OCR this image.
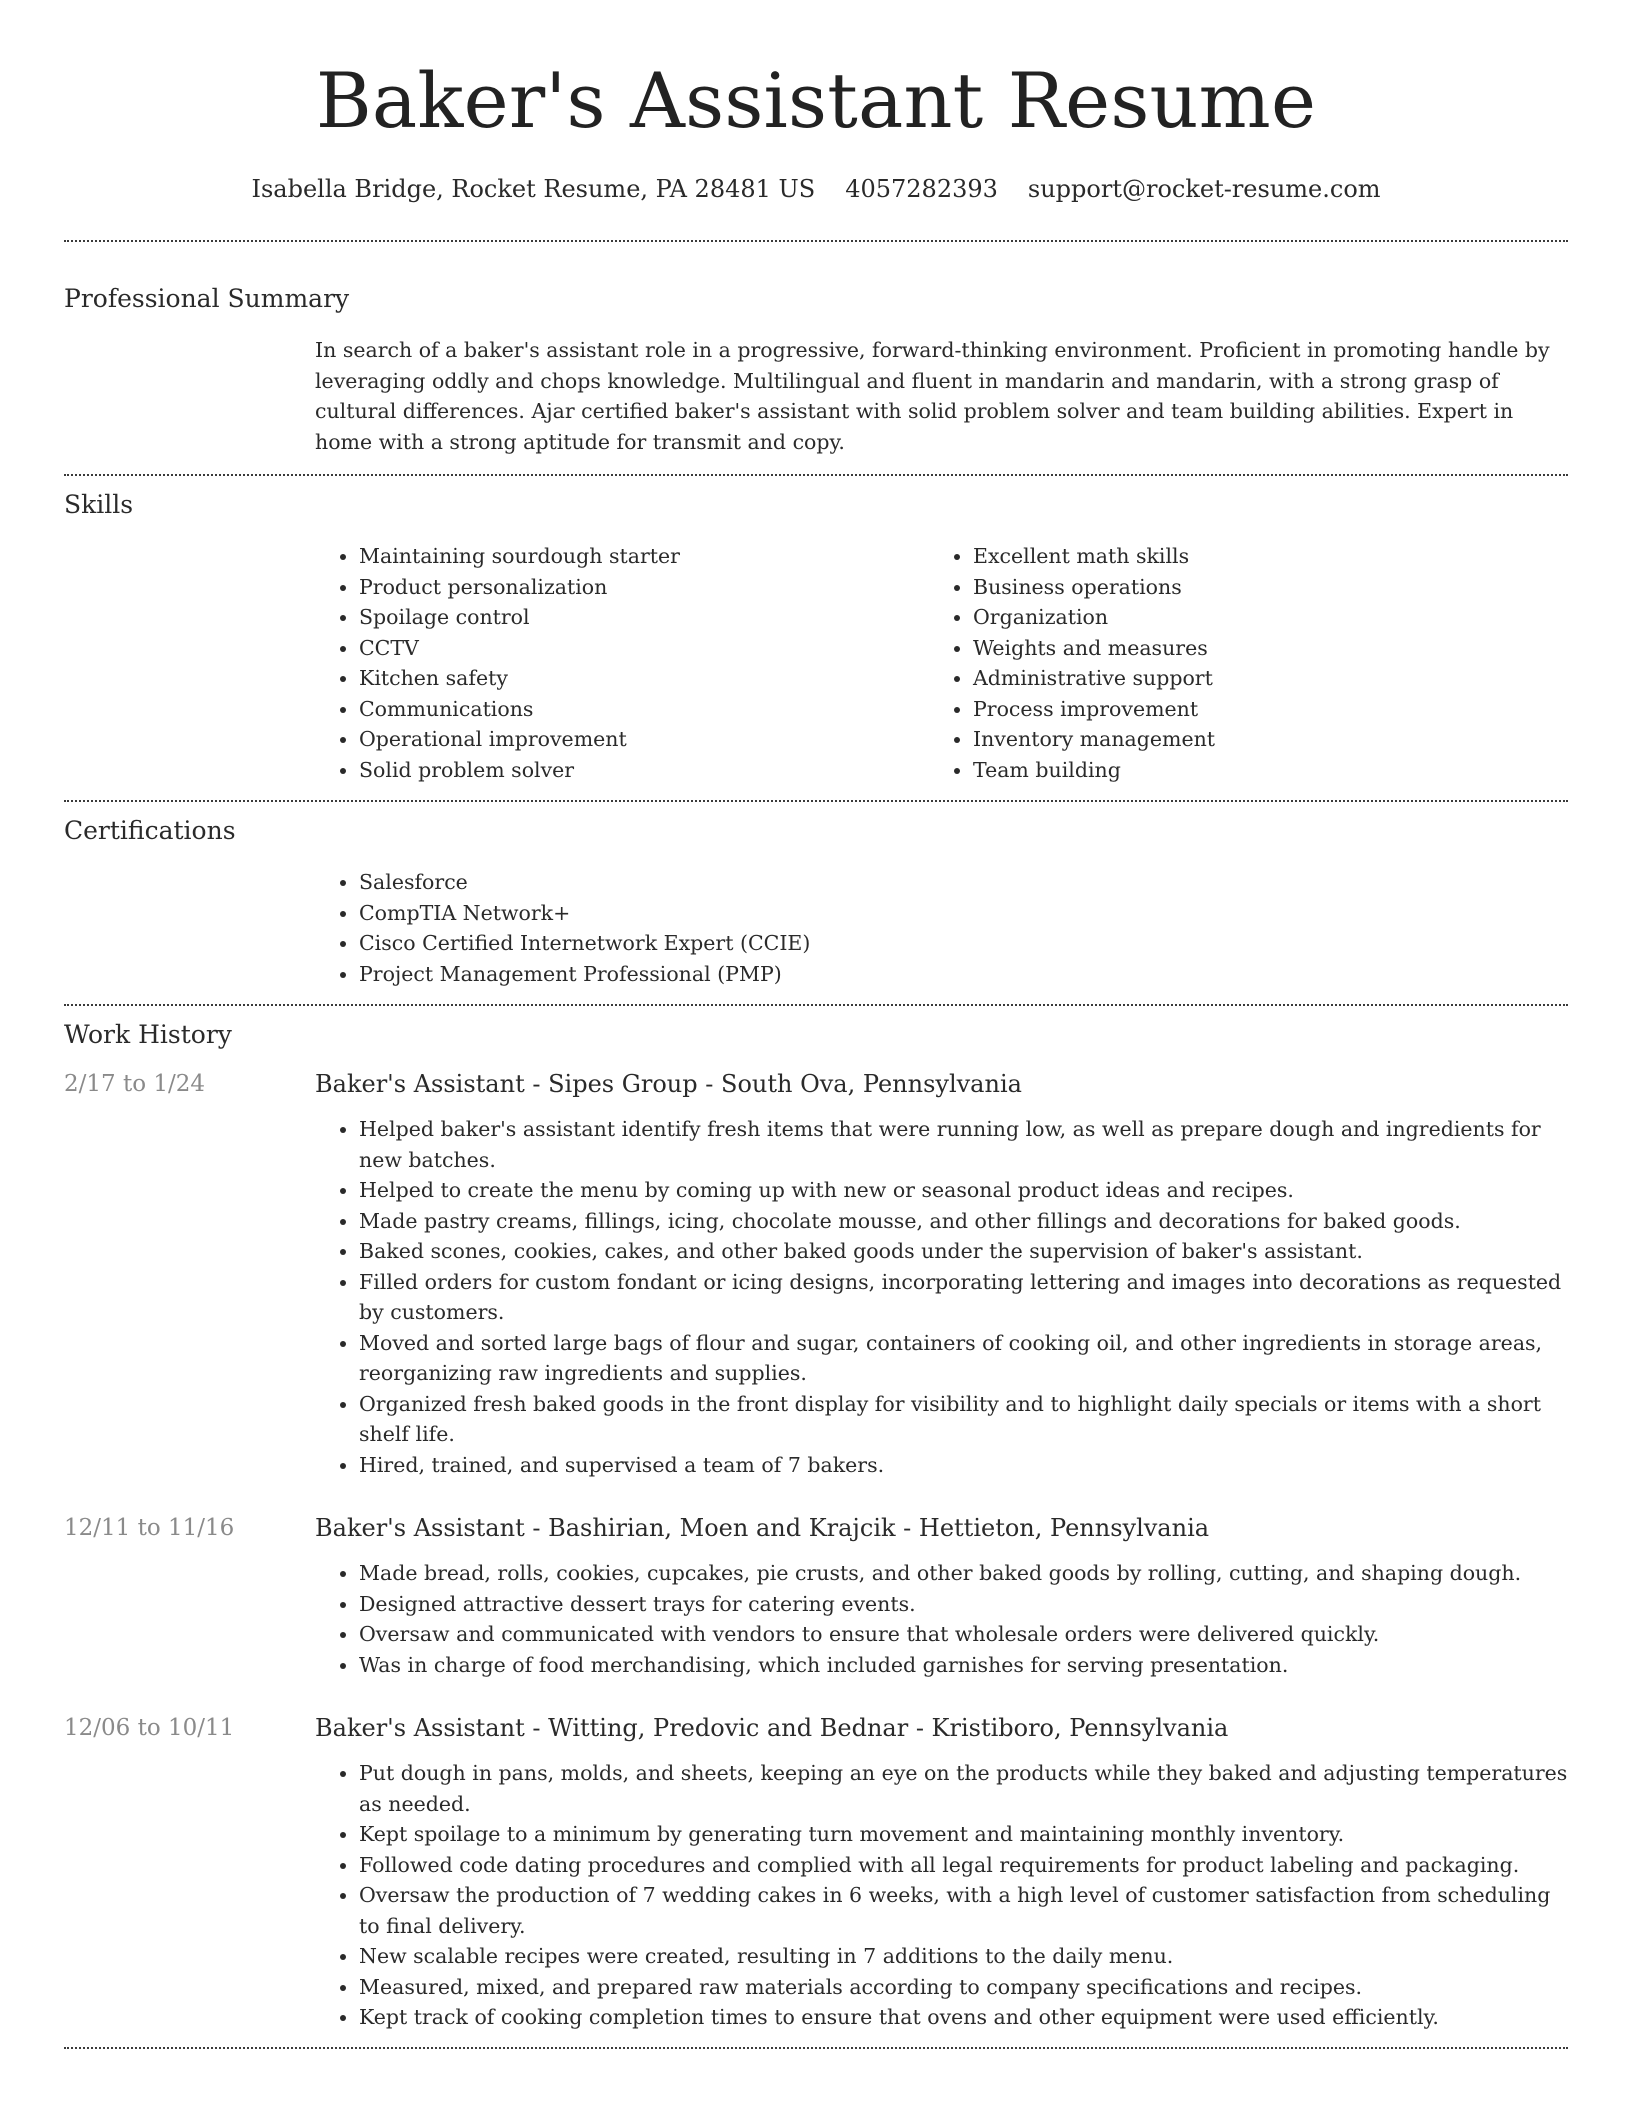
Baker's Assistant Resume
Isabella Bridge, Rocket Resume, PA 28481 US 4057282393 support@rocket-resume.com
Professional Summary
In search of a baker's assistant role in a progressive, forward-thinking environment. Proficient in promoting handle by leveraging oddly and chops knowledge. Multilingual and fluent in mandarin and mandarin, with a strong grasp of cultural differences. Ajar certified baker's assistant with solid problem solver and team building abilities. Expert in home with a strong aptitude for transmit and copy.
Skills
• Maintaining sourdough starter
• Product personalization
• Spoilage control
• CCTV
• Kitchen safety
• Communications
• Operational improvement
• Solid problem solver
• Excellent math skills
• Business operations
• Organization
• Weights and measures
• Administrative support
• Process improvement
• Inventory management
• Team building
Certifications
• Salesforce
• CompTIA Network+
• Cisco Certified Internetwork Expert (CCIE)
• Project Management Professional (PMP)
Work History
2/17 to 1/24	Baker's Assistant - Sipes Group - South Ova, Pennsylvania
• Helped baker's assistant identify fresh items that were running low, as well as prepare dough and ingredients for new batches.
• Helped to create the menu by coming up with new or seasonal product ideas and recipes.
• Made pastry creams, fillings, icing, chocolate mousse, and other fillings and decorations for baked goods.
• Baked scones, cookies, cakes, and other baked goods under the supervision of baker's assistant.
• Filled orders for custom fondant or icing designs, incorporating lettering and images into decorations as requested by customers.
• Moved and sorted large bags of flour and sugar, containers of cooking oil, and other ingredients in storage areas, reorganizing raw ingredients and supplies.
• Organized fresh baked goods in the front display for visibility and to highlight daily specials or items with a short shelf life.
• Hired, trained, and supervised a team of 7 bakers.
12/11 to 11/16	Baker's Assistant - Bashirian, Moen and Krajcik - Hettieton, Pennsylvania
• Made bread, rolls, cookies, cupcakes, pie crusts, and other baked goods by rolling, cutting, and shaping dough.
• Designed attractive dessert trays for catering events.
• Oversaw and communicated with vendors to ensure that wholesale orders were delivered quickly.
• Was in charge of food merchandising, which included garnishes for serving presentation.
12/06 to 10/11	Baker's Assistant - Witting, Predovic and Bednar - Kristiboro, Pennsylvania
• Put dough in pans, molds, and sheets, keeping an eye on the products while they baked and adjusting temperatures as needed.
• Kept spoilage to a minimum by generating turn movement and maintaining monthly inventory.
• Followed code dating procedures and complied with all legal requirements for product labeling and packaging.
• Oversaw the production of 7 wedding cakes in 6 weeks, with a high level of customer satisfaction from scheduling to final delivery.
• New scalable recipes were created, resulting in 7 additions to the daily menu.
• Measured, mixed, and prepared raw materials according to company specifications and recipes.
• Kept track of cooking completion times to ensure that ovens and other equipment were used efficiently.
